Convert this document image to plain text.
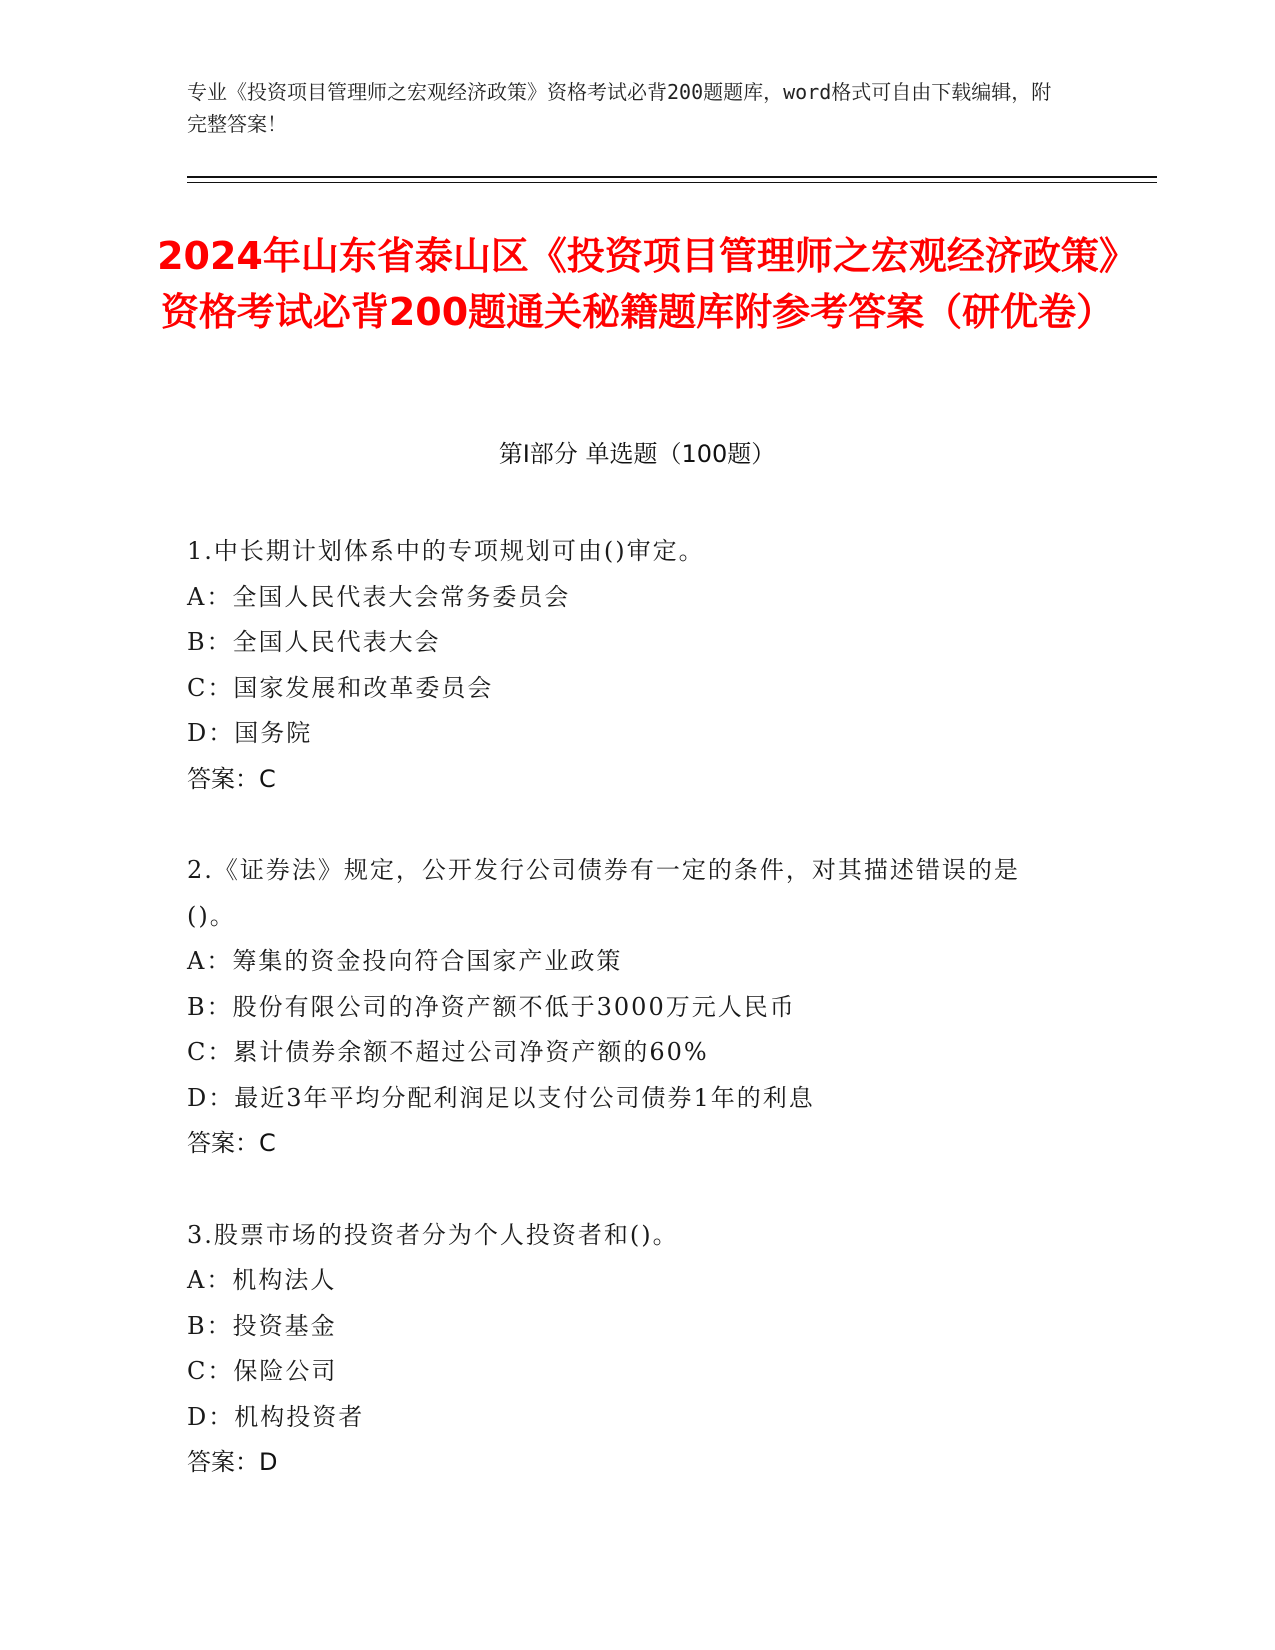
专业《投资项目管理师之宏观经济政策》资格考试必背200题题库，word格式可自由下载编辑，附完整答案！
2024年山东省泰山区《投资项目管理师之宏观经济政策》资格考试必背200题通关秘籍题库附参考答案（研优卷）
第Ⅰ部分 单选题（100题）
1.中长期计划体系中的专项规划可由()审定。
A：全国人民代表大会常务委员会
B：全国人民代表大会
C：国家发展和改革委员会
D：国务院
答案：C
2.《证券法》规定，公开发行公司债券有一定的条件，对其描述错误的是()。
A：筹集的资金投向符合国家产业政策
B：股份有限公司的净资产额不低于3000万元人民币
C：累计债券余额不超过公司净资产额的60%
D：最近3年平均分配利润足以支付公司债券1年的利息
答案：C
3.股票市场的投资者分为个人投资者和()。
A：机构法人
B：投资基金
C：保险公司
D：机构投资者
答案：D
